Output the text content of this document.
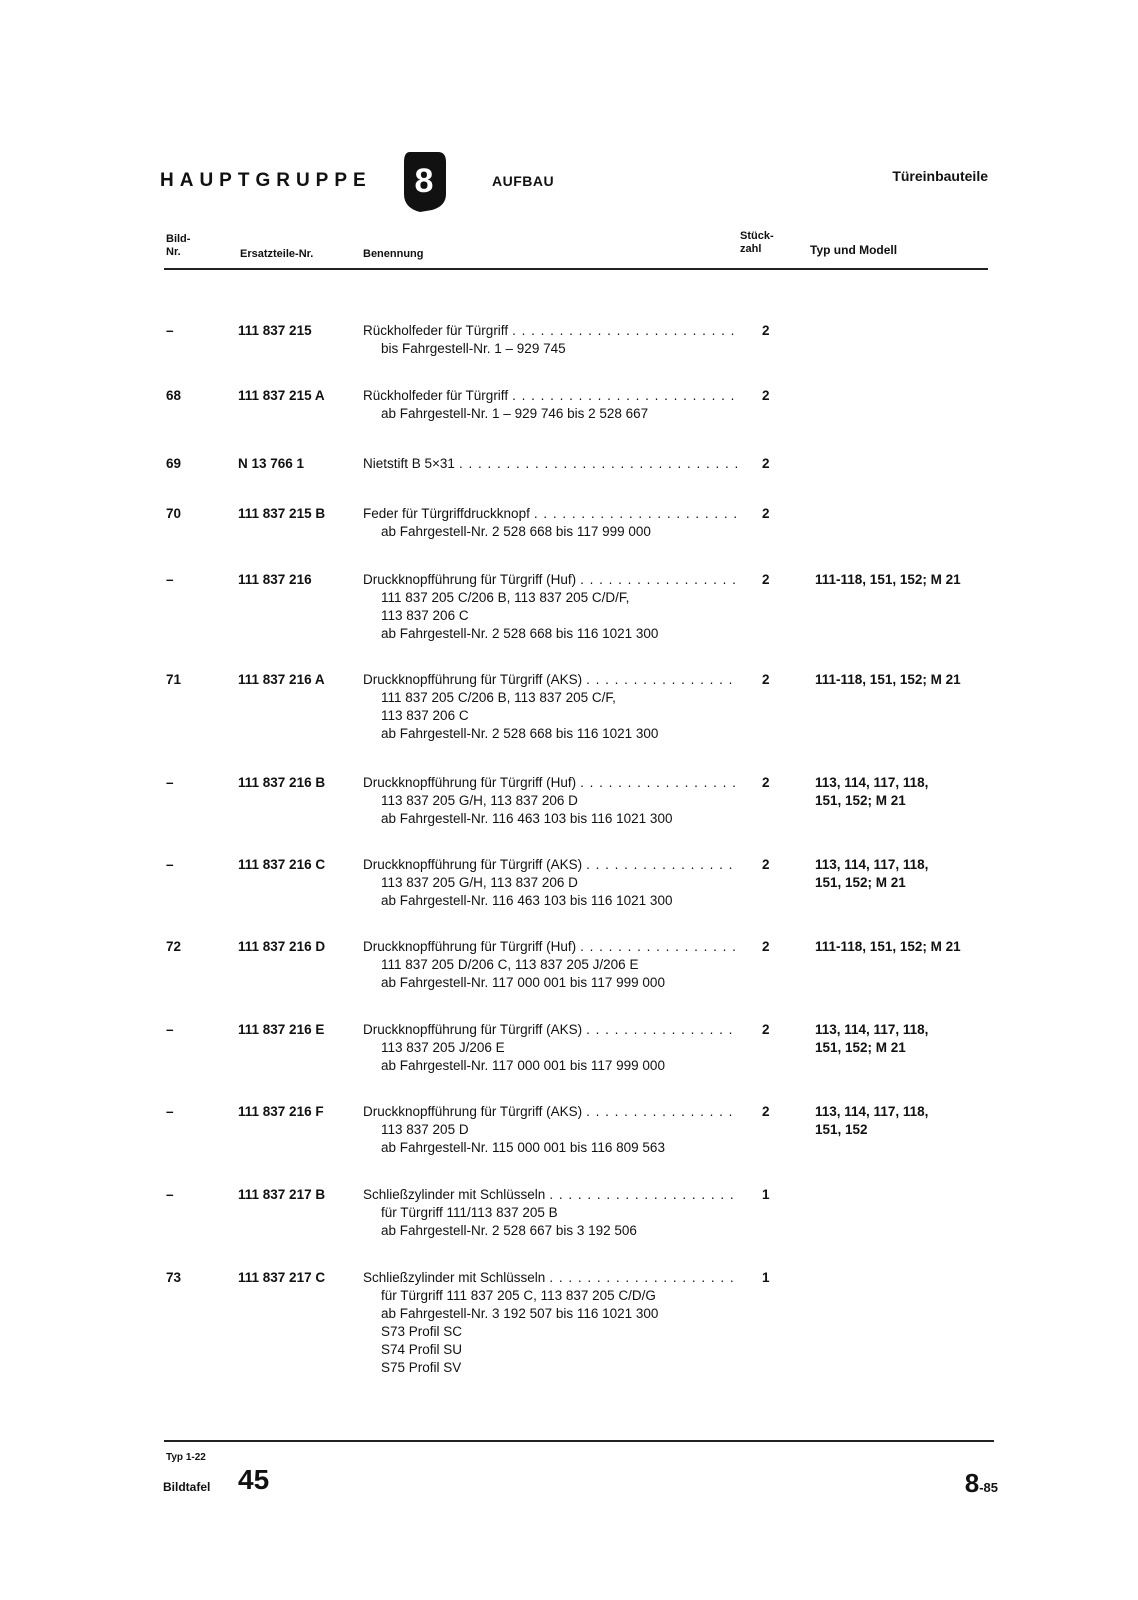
HAUPTGRUPPE 8	AUFBAU	Türeinbauteile
Bild-
Nr.	Ersatzteile-Nr.	Benennung
Stück-
zahl	Typ und Modell
–	111 837 215	Rückholfeder für Türgriff
. . .
bis Fahrgestell-Nr. 1 – 929 745
2
68	111 837 215 A	Rückholfeder für Türgriff
. . .
ab Fahrgestell-Nr. 1 – 929 746 bis 2 528 667
2
69	N 13 766 1	Nietstift B 5×31
. . .	2
70	111 837 215 B	Feder für Türgriffdruckknopf
. . .
ab Fahrgestell-Nr. 2 528 668 bis 117 999 000
2
–	111 837 216	Druckknopfführung für Türgriff (Huf)
. . .
111 837 205 C/206 B, 113 837 205 C/D/F,
113 837 206 C
ab Fahrgestell-Nr. 2 528 668 bis 116 1021 300
2	111-118, 151, 152; M 21
71	111 837 216 A	Druckknopfführung für Türgriff (AKS)
. . .
111 837 205 C/206 B, 113 837 205 C/F,
113 837 206 C
ab Fahrgestell-Nr. 2 528 668 bis 116 1021 300
2	111-118, 151, 152; M 21
–	111 837 216 B	Druckknopfführung für Türgriff (Huf)
. . .
113 837 205 G/H, 113 837 206 D
ab Fahrgestell-Nr. 116 463 103 bis 116 1021 300
2	113, 114, 117, 118,
151, 152; M 21
–	111 837 216 C	Druckknopfführung für Türgriff (AKS)
. . .
113 837 205 G/H, 113 837 206 D
ab Fahrgestell-Nr. 116 463 103 bis 116 1021 300
2	113, 114, 117, 118,
151, 152; M 21
72	111 837 216 D	Druckknopfführung für Türgriff (Huf)
. . .
111 837 205 D/206 C, 113 837 205 J/206 E
ab Fahrgestell-Nr. 117 000 001 bis 117 999 000
2	111-118, 151, 152; M 21
–	111 837 216 E	Druckknopfführung für Türgriff (AKS)
. . .
113 837 205 J/206 E
ab Fahrgestell-Nr. 117 000 001 bis 117 999 000
2	113, 114, 117, 118,
151, 152; M 21
–	111 837 216 F	Druckknopfführung für Türgriff (AKS)
. . .
113 837 205 D
ab Fahrgestell-Nr. 115 000 001 bis 116 809 563
2	113, 114, 117, 118,
151, 152
–	111 837 217 B	Schließzylinder mit Schlüsseln
. . .
für Türgriff 111/113 837 205 B
ab Fahrgestell-Nr. 2 528 667 bis 3 192 506
1
73	111 837 217 C	Schließzylinder mit Schlüsseln
. . .
für Türgriff 111 837 205 C, 113 837 205 C/D/G
ab Fahrgestell-Nr. 3 192 507 bis 116 1021 300
S73 Profil SC
S74 Profil SU
S75 Profil SV
1
Typ 1-22
Bildtafel 45	8-85
